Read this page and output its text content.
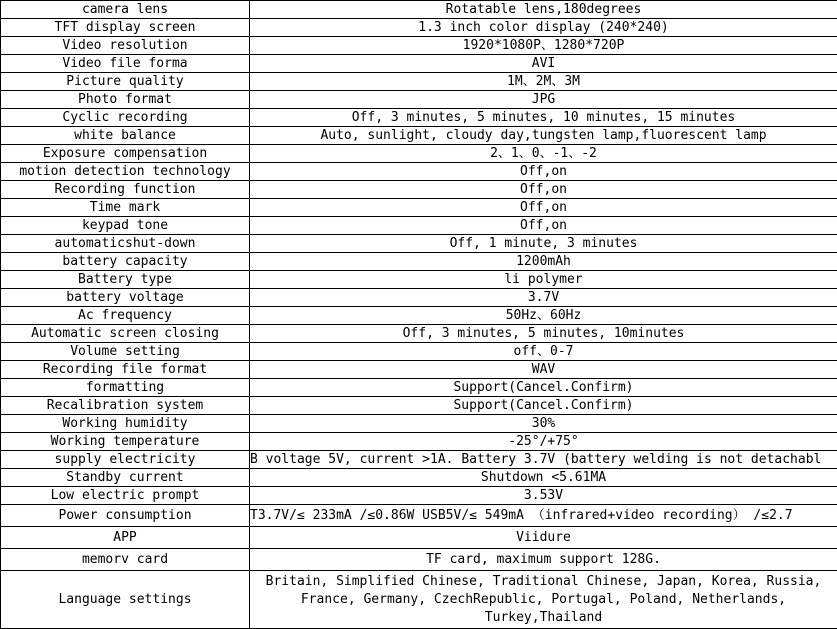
camera lens	Rotatable lens,180degrees
TFT display screen	1.3 inch color display (240*240)
Video resolution	1920*1080P、1280*720P
Video file forma	AVI
Picture quality	1M、2M、3M
Photo format	JPG
Cyclic recording	Off, 3 minutes, 5 minutes, 10 minutes, 15 minutes
white balance	Auto, sunlight, cloudy day,tungsten lamp,fluorescent lamp
Exposure compensation	2、1、0、-1、-2
motion detection technology	Off,on
Recording function	Off,on
Time mark	Off,on
keypad tone	Off,on
automaticshut-down	Off, 1 minute, 3 minutes
battery capacity	1200mAh
Battery type	li polymer
battery voltage	3.7V
Ac frequency	50Hz、60Hz
Automatic screen closing	Off, 3 minutes, 5 minutes, 10minutes
Volume setting	off、0-7
Recording file format	WAV
formatting	Support(Cancel.Confirm)
Recalibration system	Support(Cancel.Confirm)
Working humidity	30%
Working temperature	-25°/+75°
supply electricity	B voltage 5V, current >1A. Battery 3.7V (battery welding is not detachabl
Standby current	Shutdown <5.61MA
Low electric prompt	3.53V
Power consumption	T3.7V/≤ 233mA /≤0.86W USB5V/≤ 549mA （infrared+video recording） /≤2.7
APP	Viidure
memorv card	TF card, maximum support 128G.
Language settings	Britain, Simplified Chinese, Traditional Chinese, Japan, Korea, Russia, France, Germany, CzechRepublic, Portugal, Poland, Netherlands, Turkey,Thailand
